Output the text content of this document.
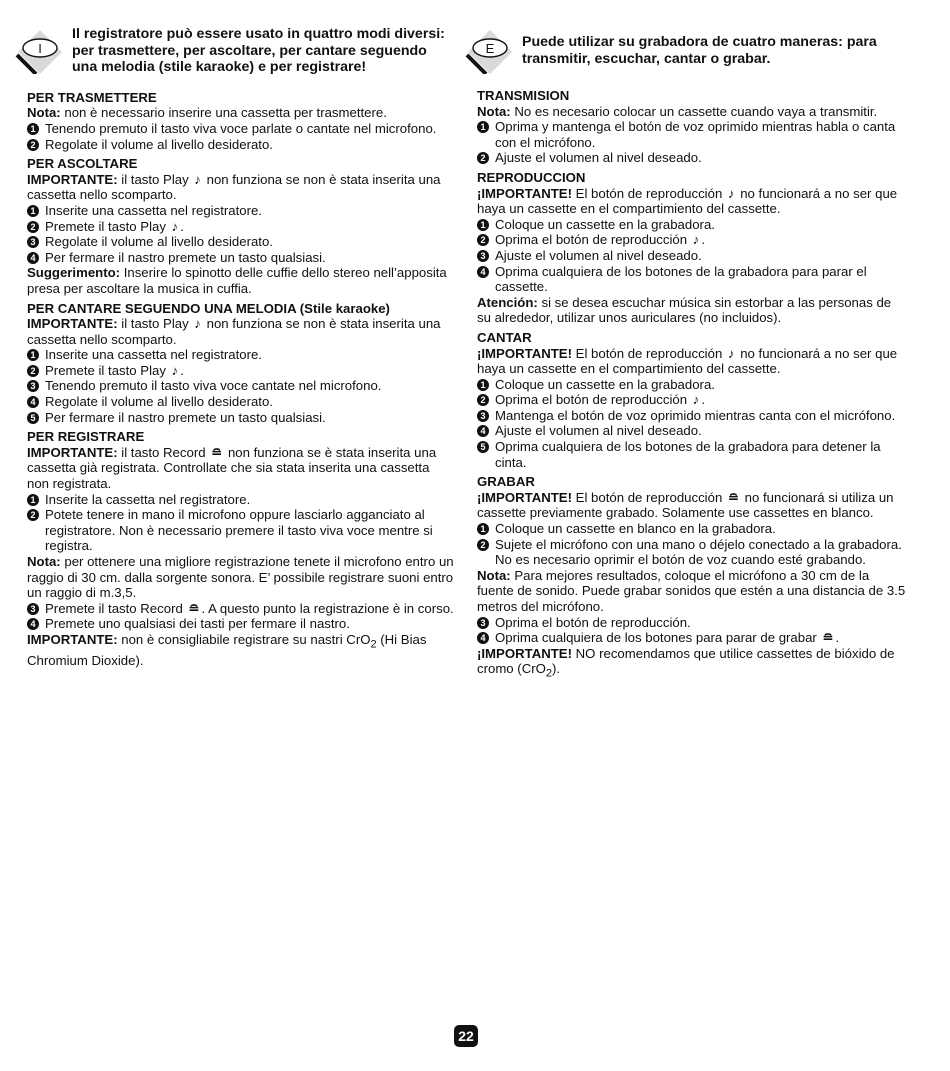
I
Il registratore può essere usato in quattro modi diversi: per trasmettere, per ascoltare, per cantare seguendo una melodia (stile karaoke) e per registrare!
PER TRASMETTERE

Nota: non è necessario inserire una cassetta per trasmettere.

1 Tenendo premuto il tasto viva voce parlate o cantate nel microfono.
2 Regolate il volume al livello desiderato.
PER ASCOLTARE

IMPORTANTE: il tasto Play ♪ non funziona se non è stata inserita una cassetta nello scomparto.

1 Inserite una cassetta nel registratore.
2 Premete il tasto Play ♪ .
3 Regolate il volume al livello desiderato.
4 Per fermare il nastro premete un tasto qualsiasi.

Suggerimento: Inserire lo spinotto delle cuffie dello stereo nell’apposita presa per ascoltare la musica in cuffia.

PER CANTARE SEGUENDO UNA MELODIA (Stile karaoke)

IMPORTANTE: il tasto Play ♪ non funziona se non è stata inserita una cassetta nello scomparto.

1 Inserite una cassetta nel registratore.
2 Premete il tasto Play ♪ .
3 Tenendo premuto il tasto viva voce cantate nel microfono.
4 Regolate il volume al livello desiderato.
5 Per fermare il nastro premete un tasto qualsiasi.
PER REGISTRARE

IMPORTANTE: il tasto Record ≘ non funziona se è stata inserita una cassetta già registrata. Controllate che sia stata inserita una cassetta non registrata.

1 Inserite la cassetta nel registratore.
2 Potete tenere in mano il microfono oppure lasciarlo agganciato al registratore. Non è necessario premere il tasto viva voce mentre si registra.

Nota: per ottenere una migliore registrazione tenete il microfono entro un raggio di 30 cm. dalla sorgente sonora. E’ possibile registrare suoni entro un raggio di m.3,5.

3 Premete il tasto Record ≘ . A questo punto la registrazione è in corso.
4 Premete uno qualsiasi dei tasti per fermare il nastro.

IMPORTANTE: non è consigliabile registrare su nastri CrO$_2$ (Hi Bias Chromium Dioxide).

E Puede utilizar su grabadora de cuatro maneras: para transmitir, escuchar, cantar o grabar.
TRANSMISION

Nota: No es necesario colocar un cassette cuando vaya a transmitir.

1 Oprima y mantenga el botón de voz oprimido mientras habla o canta con el micrófono.
2 Ajuste el volumen al nivel deseado.
REPRODUCCION

¡IMPORTANTE! El botón de reproducción ♪ no funcionará a no ser que haya un cassette en el compartimiento del cassette.

1 Coloque un cassette en la grabadora.
2 Oprima el botón de reproducción ♪ .
3 Ajuste el volumen al nivel deseado.
4 Oprima cualquiera de los botones de la grabadora para parar el cassette.

Atención: si se desea escuchar música sin estorbar a las personas de su alrededor, utilizar unos auriculares (no incluidos).

CANTAR

¡IMPORTANTE! El botón de reproducción ♪ no funcionará a no ser que haya un cassette en el compartimiento del cassette.

1 Coloque un cassette en la grabadora.
2 Oprima el botón de reproducción ♪ .
3 Mantenga el botón de voz oprimido mientras canta con el micrófono.
4 Ajuste el volumen al nivel deseado.
5 Oprima cualquiera de los botones de la grabadora para detener la cinta.
GRABAR

¡IMPORTANTE! El botón de reproducción ≘ no funcionará si utiliza un cassette previamente grabado. Solamente use cassettes en blanco.

1 Coloque un cassette en blanco en la grabadora.
2 Sujete el micrófono con una mano o déjelo conectado a la grabadora. No es necesario oprimir el botón de voz cuando esté grabando.

Nota: Para mejores resultados, coloque el micrófono a 30 cm de la fuente de sonido. Puede grabar sonidos que estén a una distancia de 3.5 metros del micrófono.

3 Oprima el botón de reproducción.
4 Oprima cualquiera de los botones para parar de grabar ≘ .

¡IMPORTANTE! NO recomendamos que utilice cassettes de bióxido de cromo (CrO$_2$).

22
